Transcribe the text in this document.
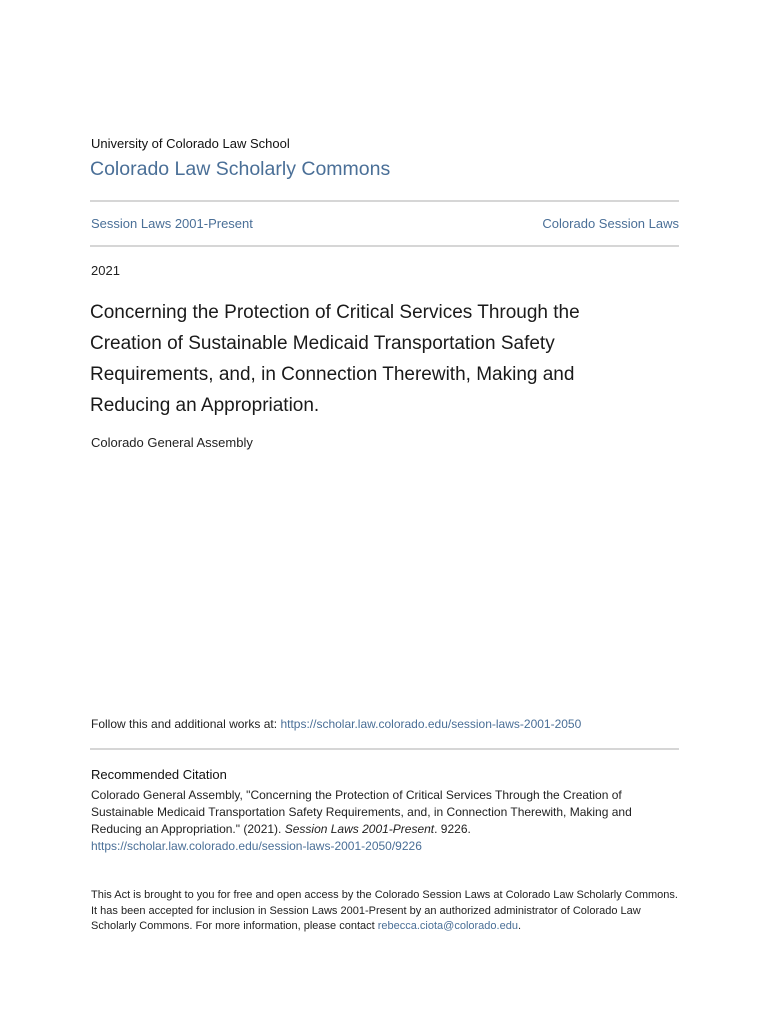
University of Colorado Law School
Colorado Law Scholarly Commons
Session Laws 2001-Present	Colorado Session Laws
2021
Concerning the Protection of Critical Services Through the Creation of Sustainable Medicaid Transportation Safety Requirements, and, in Connection Therewith, Making and Reducing an Appropriation.
Colorado General Assembly
Follow this and additional works at: https://scholar.law.colorado.edu/session-laws-2001-2050
Recommended Citation
Colorado General Assembly, "Concerning the Protection of Critical Services Through the Creation of Sustainable Medicaid Transportation Safety Requirements, and, in Connection Therewith, Making and Reducing an Appropriation." (2021). Session Laws 2001-Present. 9226.
https://scholar.law.colorado.edu/session-laws-2001-2050/9226
This Act is brought to you for free and open access by the Colorado Session Laws at Colorado Law Scholarly Commons. It has been accepted for inclusion in Session Laws 2001-Present by an authorized administrator of Colorado Law Scholarly Commons. For more information, please contact rebecca.ciota@colorado.edu.
